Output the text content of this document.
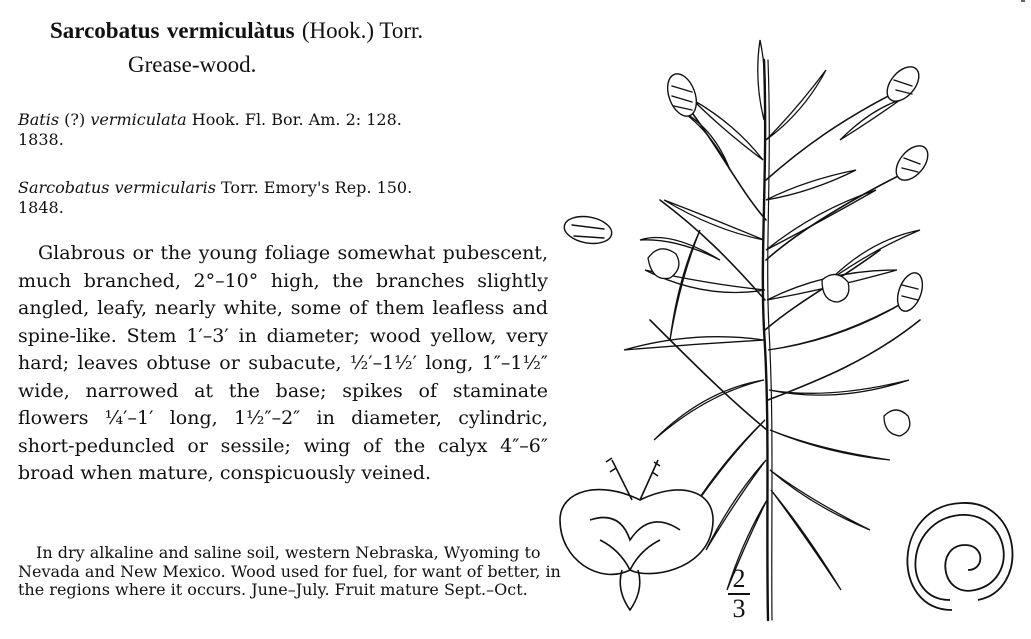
Sarcobatus vermiculàtus (Hook.) Torr.
Grease-wood.
Batis (?) vermiculata Hook. Fl. Bor. Am. 2: 128.
1838.
Sarcobatus vermicularis Torr. Emory's Rep. 150.
1848.
Glabrous or the young foliage somewhat pubescent, much branched, 2°–10° high, the branches slightly angled, leafy, nearly white, some of them leafless and spine-like. Stem 1′–3′ in diameter; wood yellow, very hard; leaves obtuse or subacute, ½′–1½′ long, 1″–1½″ wide, narrowed at the base; spikes of staminate flowers ¼′–1′ long, 1½″–2″ in diameter, cylindric, short-peduncled or sessile; wing of the calyx 4″–6″ broad when mature, conspicuously veined.
In dry alkaline and saline soil, western Nebraska, Wyoming to Nevada and New Mexico. Wood used for fuel, for want of better, in the regions where it occurs. June–July. Fruit mature Sept.–Oct.	2
3
